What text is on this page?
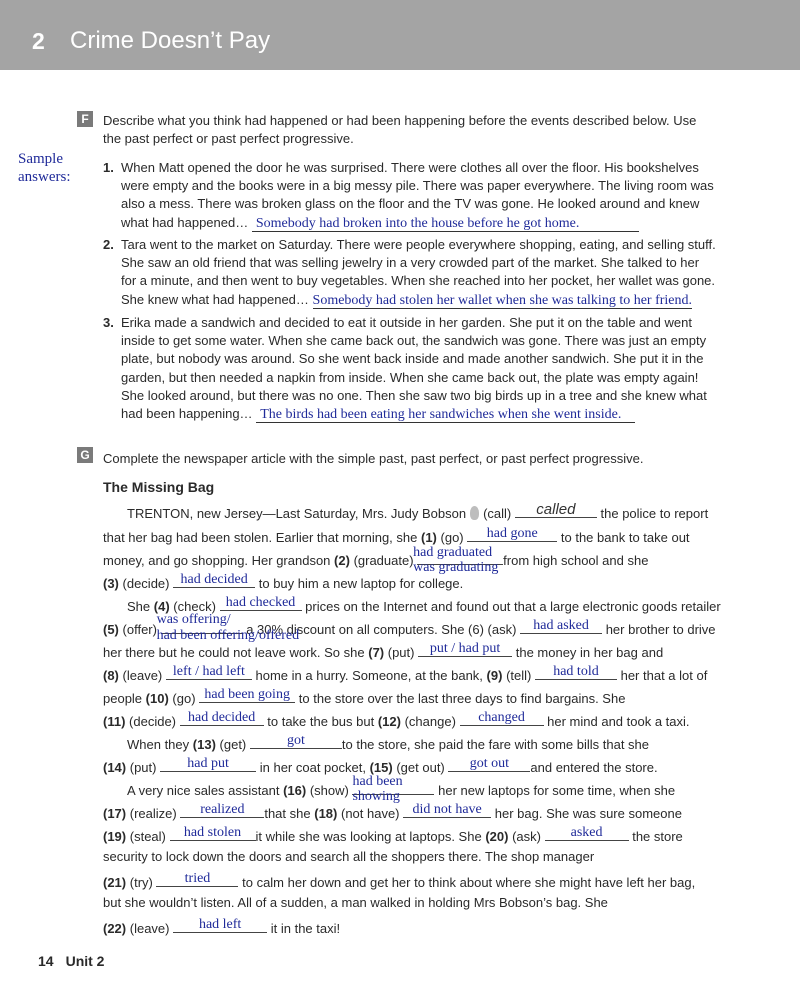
2 Crime Doesn’t Pay
F	Describe what you think had happened or had been happening before the events described below. Use
the past perfect or past perfect progressive.
Sample
answers:
1. When Matt opened the door he was surprised. There were clothes all over the floor. His bookshelves
were empty and the books were in a big messy pile. There was paper everywhere. The living room was
also a mess. There was broken glass on the floor and the TV was gone. He looked around and knew
what had happened… Somebody had broken into the house before he got home.
2. Tara went to the market on Saturday. There were people everywhere shopping, eating, and selling stuff.
She saw an old friend that was selling jewelry in a very crowded part of the market. She talked to her
for a minute, and then went to buy vegetables. When she reached into her pocket, her wallet was gone.
She knew what had happened… Somebody had stolen her wallet when she was talking to her friend.
3. Erika made a sandwich and decided to eat it outside in her garden. She put it on the table and went
inside to get some water. When she came back out, the sandwich was gone. There was just an empty
plate, but nobody was around. So she went back inside and made another sandwich. She put it in the
garden, but then needed a napkin from inside. When she came back out, the plate was empty again!
She looked around, but there was no one. Then she saw two big birds up in a tree and she knew what
had been happening… The birds had been eating her sandwiches when she went inside.
G Complete the newspaper article with the simple past, past perfect, or past perfect progressive.
The Missing Bag
TRENTON, new Jersey—Last Saturday, Mrs. Judy Bobson (call)	called	the police to report
that her bag had been stolen. Earlier that morning, she (1) (go)	had gone	to the bank to take out
money, and go shopping. Her grandson (2) (graduate)
had graduated
was graduating from high school and she
(3) (decide) had decided to buy him a new laptop for college.
She (4) (check) had checked prices on the Internet and found out that a large electronic goods retailer
(5) (offer)
was offering/
had been offering/offered
a 30% discount on all computers. She (6) (ask)	had asked	her brother to drive
her there but he could not leave work. So she (7) (put)	put / had put	the money in her bag and
(8) (leave) left / had left home in a hurry. Someone, at the bank, (9) (tell)	had told	her that a lot of
people (10) (go) had been going to the store over the last three days to find bargains. She
(11) (decide) had decided to take the bus but (12) (change)	changed	her mind and took a taxi.
When they (13) (get)	got	to the store, she paid the fare with some bills that she
(14) (put)	had put	in her coat pocket, (15) (get out)	got out	and entered the store.
A very nice sales assistant (16) (show)
had been
showing	her new laptops for some time, when she
(17) (realize)	realized	that she (18) (not have) did not have	her bag. She was sure someone
(19) (steal)	had stolen	it while she was looking at laptops. She (20) (ask)	asked	the store
security to lock down the doors and search all the shoppers there. The shop manager
(21) (try)	tried	to calm her down and get her to think about where she might have left her bag,
but she wouldn’t listen. All of a sudden, a man walked in holding Mrs Bobson’s bag. She
(22) (leave)	had left	it in the taxi!
14 Unit 2
